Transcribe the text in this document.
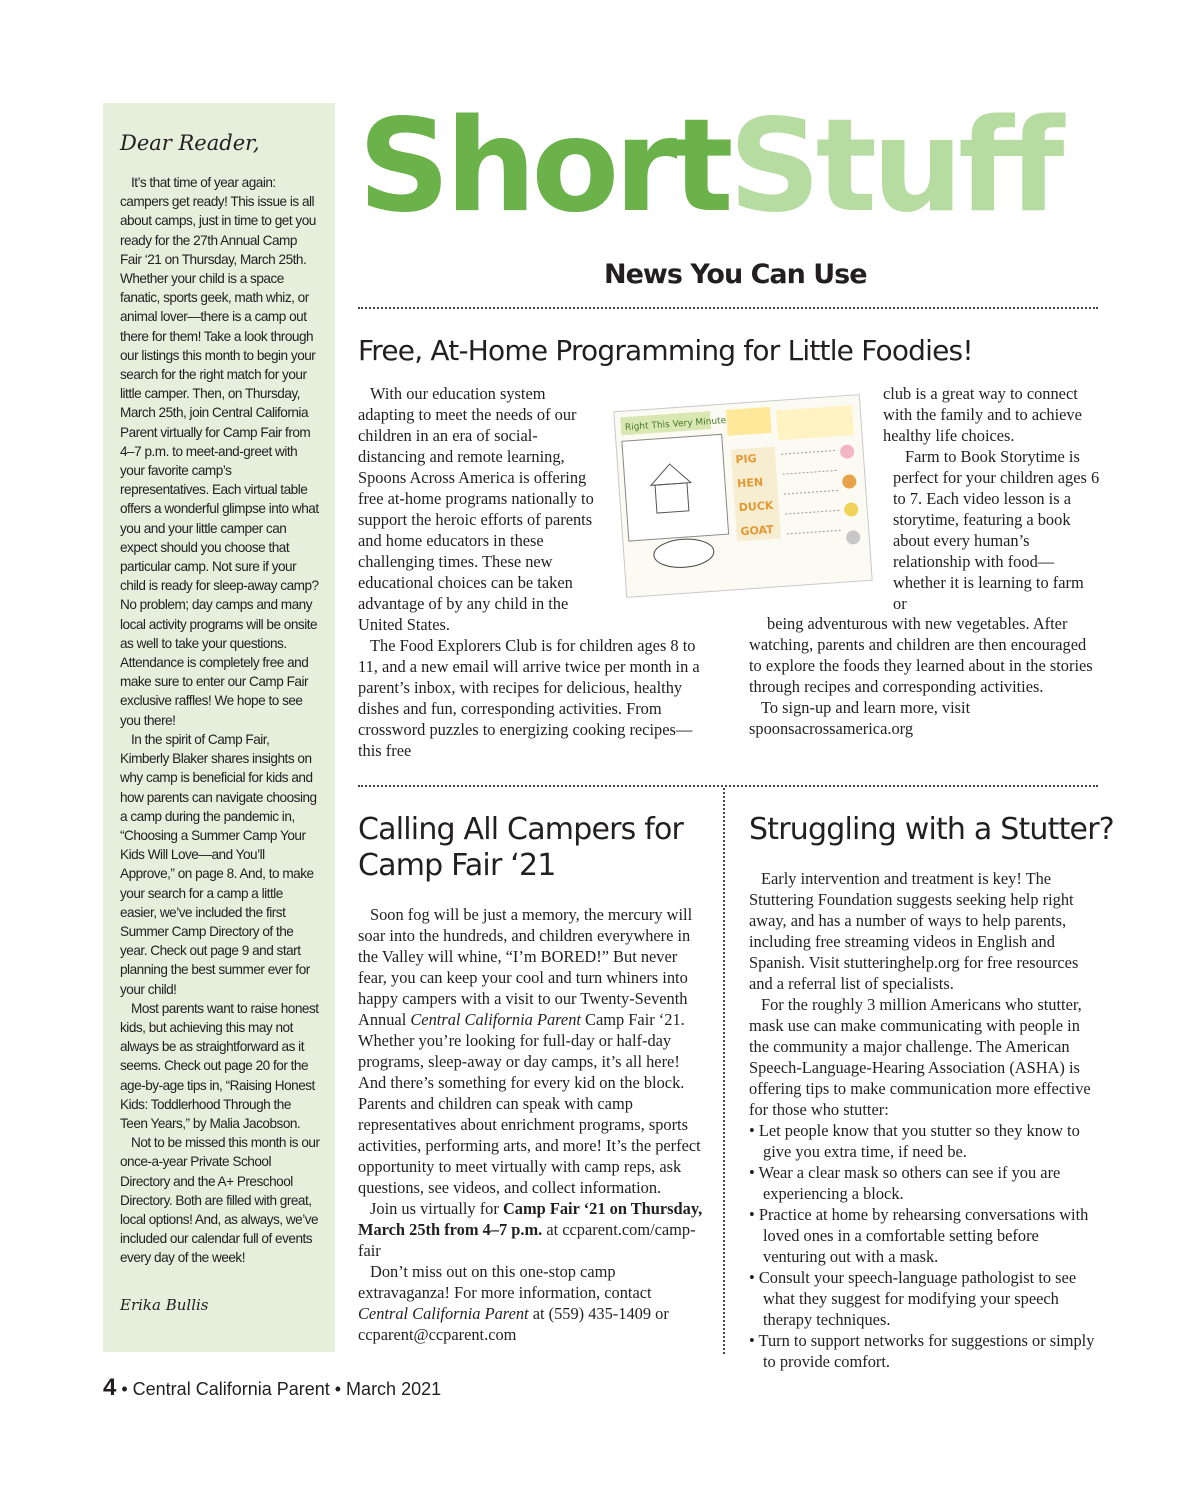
Dear Reader,

It’s that time of year again: campers get ready! This issue is all about camps, just in time to get you ready for the 27th Annual Camp Fair ‘21 on Thursday, March 25th. Whether your child is a space fanatic, sports geek, math whiz, or animal lover—there is a camp out there for them! Take a look through our listings this month to begin your search for the right match for your little camper. Then, on Thursday, March 25th, join Central California Parent virtually for Camp Fair from 4–7 p.m. to meet-and-greet with your favorite camp’s representatives. Each virtual table offers a wonderful glimpse into what you and your little camper can expect should you choose that particular camp. Not sure if your child is ready for sleep-away camp? No problem; day camps and many local activity programs will be onsite as well to take your questions. Attendance is completely free and make sure to enter our Camp Fair exclusive raffles! We hope to see you there!

In the spirit of Camp Fair, Kimberly Blaker shares insights on why camp is beneficial for kids and how parents can navigate choosing a camp during the pandemic in, “Choosing a Summer Camp Your Kids Will Love—and You’ll Approve,” on page 8. And, to make your search for a camp a little easier, we’ve included the first Summer Camp Directory of the year. Check out page 9 and start planning the best summer ever for your child!

Most parents want to raise honest kids, but achieving this may not always be as straightforward as it seems. Check out page 20 for the age-by-age tips in, “Raising Honest Kids: Toddlerhood Through the Teen Years,” by Malia Jacobson.

Not to be missed this month is our once-a-year Private School Directory and the A+ Preschool Directory. Both are filled with great, local options! And, as always, we’ve included our calendar full of events every day of the week!

Erika Bullis
ShortStuff
News You Can Use
Free, At-Home Programming for Little Foodies!

With our education system adapting to meet the needs of our children in an era of social-distancing and remote learning, Spoons Across America is offering free at-home programs nationally to support the heroic efforts of parents and home educators in these challenging times. These new educational choices can be taken advantage of by any child in the United States.

The Food Explorers Club is for children ages 8 to 11, and a new email will arrive twice per month in a parent’s inbox, with recipes for delicious, healthy dishes and fun, corresponding activities. From crossword puzzles to energizing cooking recipes—this free

club is a great way to connect with the family and to achieve healthy life choices.

Farm to Book Storytime is perfect for your children ages 6 to 7. Each video lesson is a storytime, featuring a book about every human’s relationship with food—whether it is learning to farm or

being adventurous with new vegetables. After watching, parents and children are then encouraged to explore the foods they learned about in the stories through recipes and corresponding activities.

To sign-up and learn more, visit spoonsacrossamerica.org

Right This Very Minute
PIG
HEN
DUCK
GOAT
Calling All Campers for Camp Fair ‘21

Soon fog will be just a memory, the mercury will soar into the hundreds, and children everywhere in the Valley will whine, “I’m BORED!” But never fear, you can keep your cool and turn whiners into happy campers with a visit to our Twenty-Seventh Annual Central California Parent Camp Fair ‘21. Whether you’re looking for full-day or half-day programs, sleep-away or day camps, it’s all here! And there’s something for every kid on the block. Parents and children can speak with camp representatives about enrichment programs, sports activities, performing arts, and more! It’s the perfect opportunity to meet virtually with camp reps, ask questions, see videos, and collect information.

Join us virtually for Camp Fair ‘21 on Thursday, March 25th from 4–7 p.m. at ccparent.com/camp-fair

Don’t miss out on this one-stop camp extravaganza! For more information, contact Central California Parent at (559) 435-1409 or ccparent@ccparent.com

Struggling with a Stutter?

Early intervention and treatment is key! The Stuttering Foundation suggests seeking help right away, and has a number of ways to help parents, including free streaming videos in English and Spanish. Visit stutteringhelp.org for free resources and a referral list of specialists.

For the roughly 3 million Americans who stutter, mask use can make communicating with people in the community a major challenge. The American Speech-Language-Hearing Association (ASHA) is offering tips to make communication more effective for those who stutter:

• Let people know that you stutter so they know to give you extra time, if need be.
• Wear a clear mask so others can see if you are experiencing a block.
• Practice at home by rehearsing conversations with loved ones in a comfortable setting before venturing out with a mask.
• Consult your speech-language pathologist to see what they suggest for modifying your speech therapy techniques.
• Turn to support networks for suggestions or simply to provide comfort.
4 • Central California Parent • March 2021
